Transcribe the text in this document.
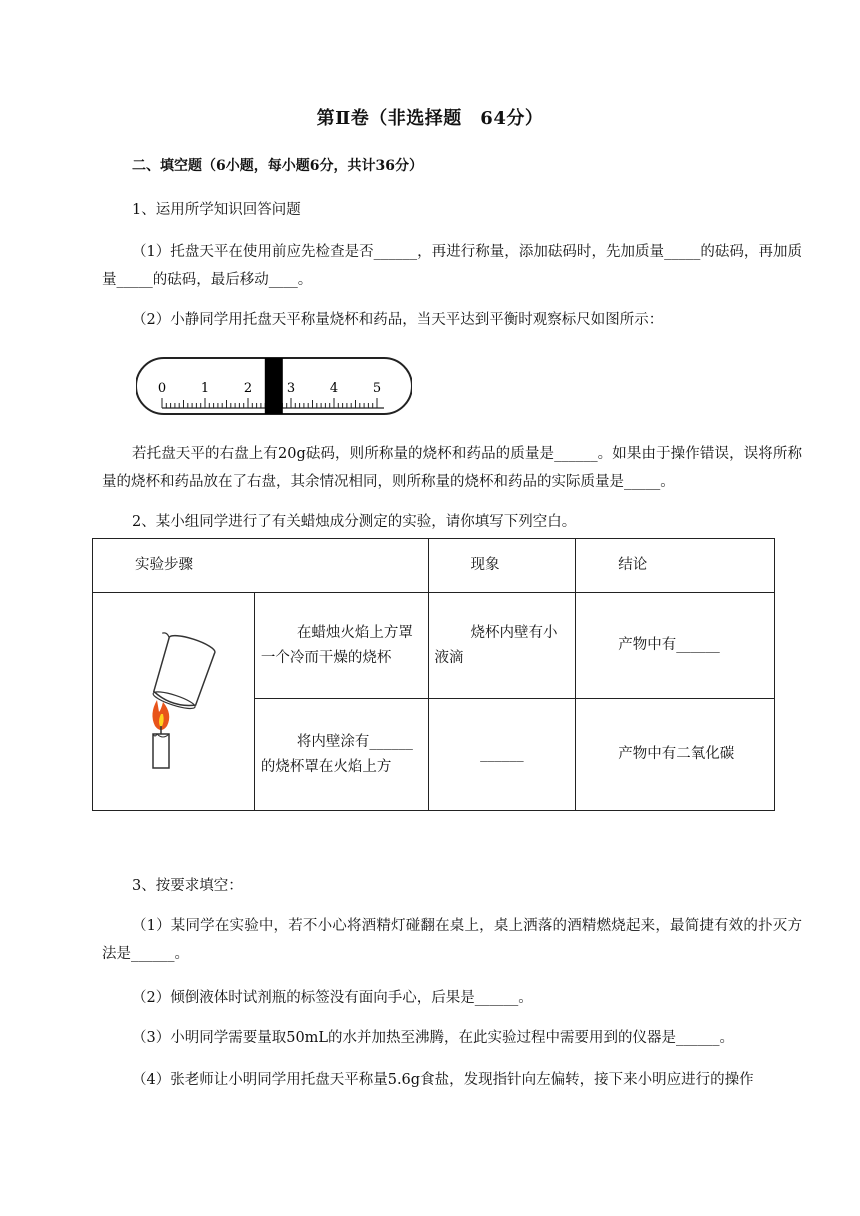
第Ⅱ卷（非选择题　64分）
二、填空题（6小题，每小题6分，共计36分）
1、运用所学知识回答问题
（1）托盘天平在使用前应先检查是否______，再进行称量，添加砝码时，先加质量_____的砝码，再加质量_____的砝码，最后移动____。
（2）小静同学用托盘天平称量烧杯和药品，当天平达到平衡时观察标尺如图所示：
0	1	2	3	4	5
若托盘天平的右盘上有20g砝码，则所称量的烧杯和药品的质量是______。如果由于操作错误，误将所称量的烧杯和药品放在了右盘，其余情况相同，则所称量的烧杯和药品的实际质量是_____。
2、某小组同学进行了有关蜡烛成分测定的实验，请你填写下列空白。
实验步骤		现象	结论
	在蜡烛火焰上方罩一个冷而干燥的烧杯	烧杯内壁有小液滴	产物中有______
	将内壁涂有______的烧杯罩在火焰上方	______	产物中有二氧化碳
3、按要求填空：
（1）某同学在实验中，若不小心将酒精灯碰翻在桌上，桌上洒落的酒精燃烧起来，最简捷有效的扑灭方法是______。
（2）倾倒液体时试剂瓶的标签没有面向手心，后果是______。
（3）小明同学需要量取50mL的水并加热至沸腾，在此实验过程中需要用到的仪器是______。
（4）张老师让小明同学用托盘天平称量5.6g食盐，发现指针向左偏转，接下来小明应进行的操作
